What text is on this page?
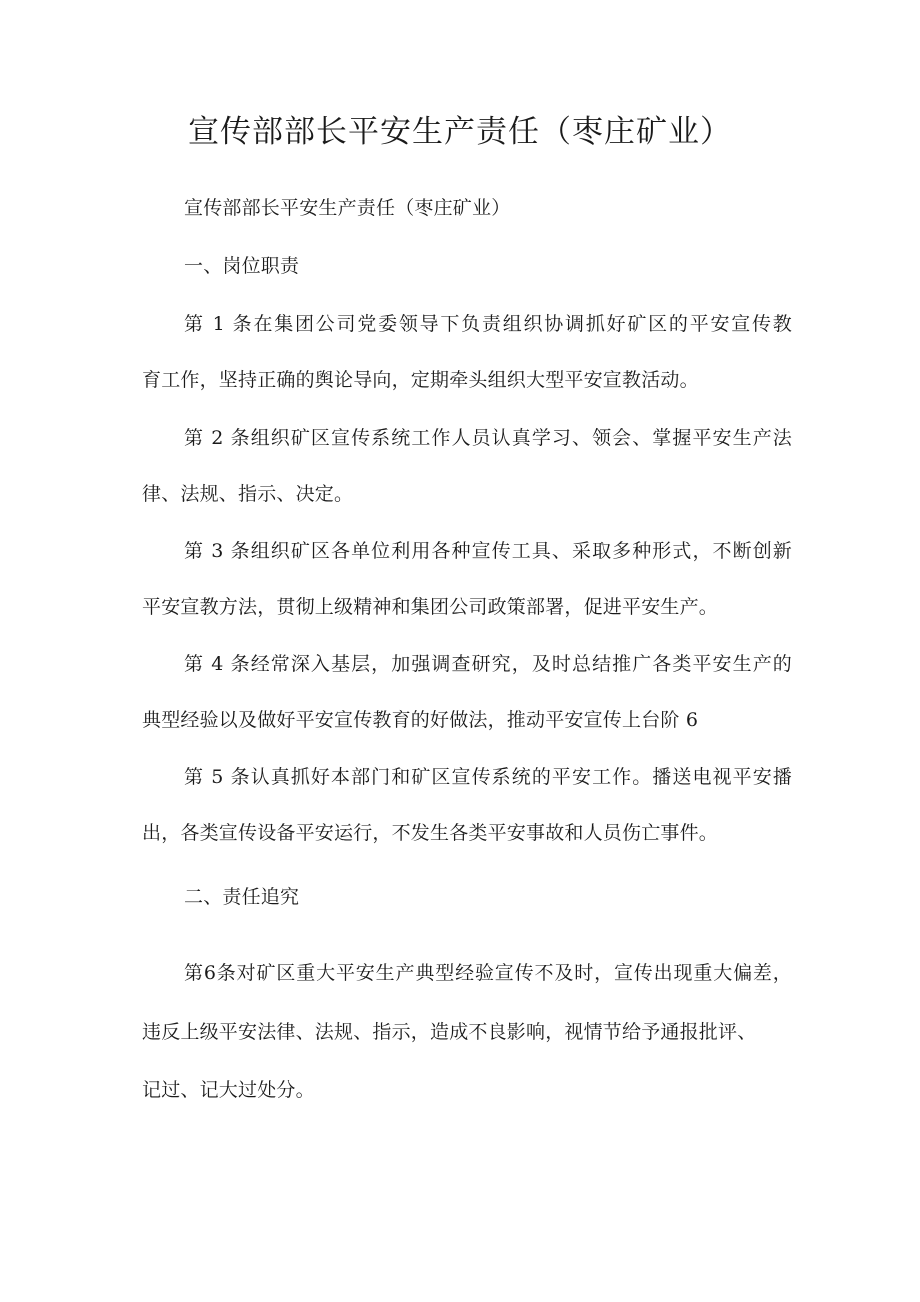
宣传部部长平安生产责任（枣庄矿业）
宣传部部长平安生产责任（枣庄矿业）
一、岗位职责
第 1 条在集团公司党委领导下负责组织协调抓好矿区的平安宣传教
育工作，坚持正确的舆论导向，定期牵头组织大型平安宣教活动。
第 2 条组织矿区宣传系统工作人员认真学习、领会、掌握平安生产法
律、法规、指示、决定。
第 3 条组织矿区各单位利用各种宣传工具、采取多种形式，不断创新
平安宣教方法，贯彻上级精神和集团公司政策部署，促进平安生产。
第 4 条经常深入基层，加强调查研究，及时总结推广各类平安生产的
典型经验以及做好平安宣传教育的好做法，推动平安宣传上台阶 6
第 5 条认真抓好本部门和矿区宣传系统的平安工作。播送电视平安播
出，各类宣传设备平安运行，不发生各类平安事故和人员伤亡事件。
二、责任追究
第6条对矿区重大平安生产典型经验宣传不及时，宣传出现重大偏差，
违反上级平安法律、法规、指示，造成不良影响，视情节给予通报批评、
记过、记大过处分。
